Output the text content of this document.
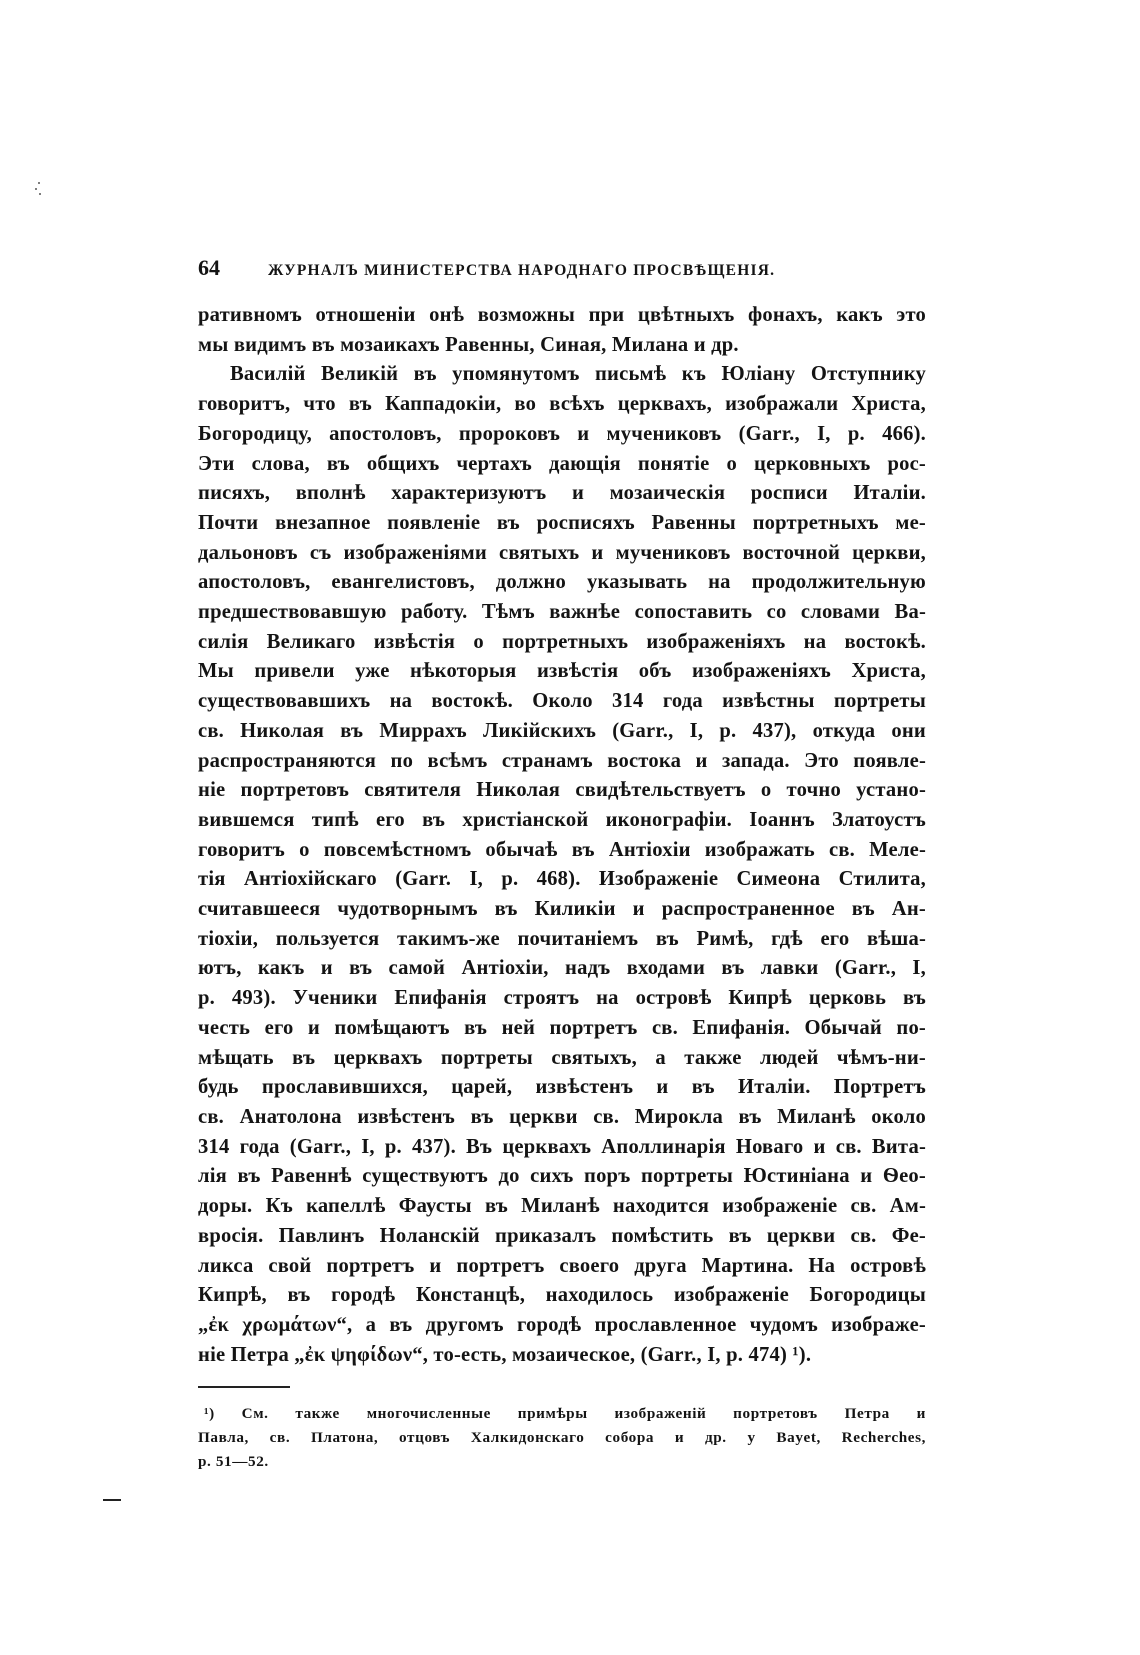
64	ЖУРНАЛЪ МИНИСТЕРСТВА НАРОДНАГО ПРОСВѢЩЕНІЯ.

ративномъ отношеніи онѣ возможны при цвѣтныхъ фонахъ, какъ это

мы видимъ въ мозаикахъ Равенны, Синая, Милана и др.

Василій Великій въ упомянутомъ письмѣ къ Юліану Отступнику

говоритъ, что въ Каппадокіи, во всѣхъ церквахъ, изображали Христа,

Богородицу, апостоловъ, пророковъ и мучениковъ (Garr., I, p. 466).

Эти слова, въ общихъ чертахъ дающія понятіе о церковныхъ рос-

писяхъ, вполнѣ характеризуютъ и мозаическія росписи Италіи.

Почти внезапное появленіе въ росписяхъ Равенны портретныхъ ме-

дальоновъ съ изображеніями святыхъ и мучениковъ восточной церкви,

апостоловъ, евангелистовъ, должно указывать на продолжительную

предшествовавшую работу. Тѣмъ важнѣе сопоставить со словами Ва-

силія Великаго извѣстія о портретныхъ изображеніяхъ на востокѣ.

Мы привели уже нѣкоторыя извѣстія объ изображеніяхъ Христа,

существовавшихъ на востокѣ. Около 314 года извѣстны портреты

св. Николая въ Миррахъ Ликійскихъ (Garr., I, p. 437), откуда они

распространяются по всѣмъ странамъ востока и запада. Это появле-

ніе портретовъ святителя Николая свидѣтельствуетъ о точно устано-

вившемся типѣ его въ христіанской иконографіи. Іоаннъ Златоустъ

говоритъ о повсемѣстномъ обычаѣ въ Антіохіи изображать св. Меле-

тія Антіохійскаго (Garr. I, p. 468). Изображеніе Симеона Стилита,

считавшееся чудотворнымъ въ Киликіи и распространенное въ Ан-

тіохіи, пользуется такимъ-же почитаніемъ въ Римѣ, гдѣ его вѣша-

ютъ, какъ и въ самой Антіохіи, надъ входами въ лавки (Garr., I,

p. 493). Ученики Епифанія строятъ на островѣ Кипрѣ церковь въ

честь его и помѣщаютъ въ ней портретъ св. Епифанія. Обычай по-

мѣщать въ церквахъ портреты святыхъ, а также людей чѣмъ-ни-

будь прославившихся, царей, извѣстенъ и въ Италіи. Портретъ

св. Анатолона извѣстенъ въ церкви св. Мирокла въ Миланѣ около

314 года (Garr., I, p. 437). Въ церквахъ Аполлинарія Новаго и св. Вита-

лія въ Равеннѣ существуютъ до сихъ поръ портреты Юстиніана и Ѳео-

доры. Къ капеллѣ Фаусты въ Миланѣ находится изображеніе св. Ам-

вросія. Павлинъ Ноланскій приказалъ помѣстить въ церкви св. Фе-

ликса свой портретъ и портретъ своего друга Мартина. На островѣ

Кипрѣ, въ городѣ Констанцѣ, находилось изображеніе Богородицы

„ἐκ χρωμάτων“, а въ другомъ городѣ прославленное чудомъ изображе-

ніе Петра „ἐκ ψηφίδων“, то-есть, мозаическое, (Garr., I, p. 474) ¹).

¹) См. также многочисленные примѣры изображеній портретовъ Петра и

Павла, св. Платона, отцовъ Халкидонскаго собора и др. у Bayet, Recherches,

p. 51—52.
